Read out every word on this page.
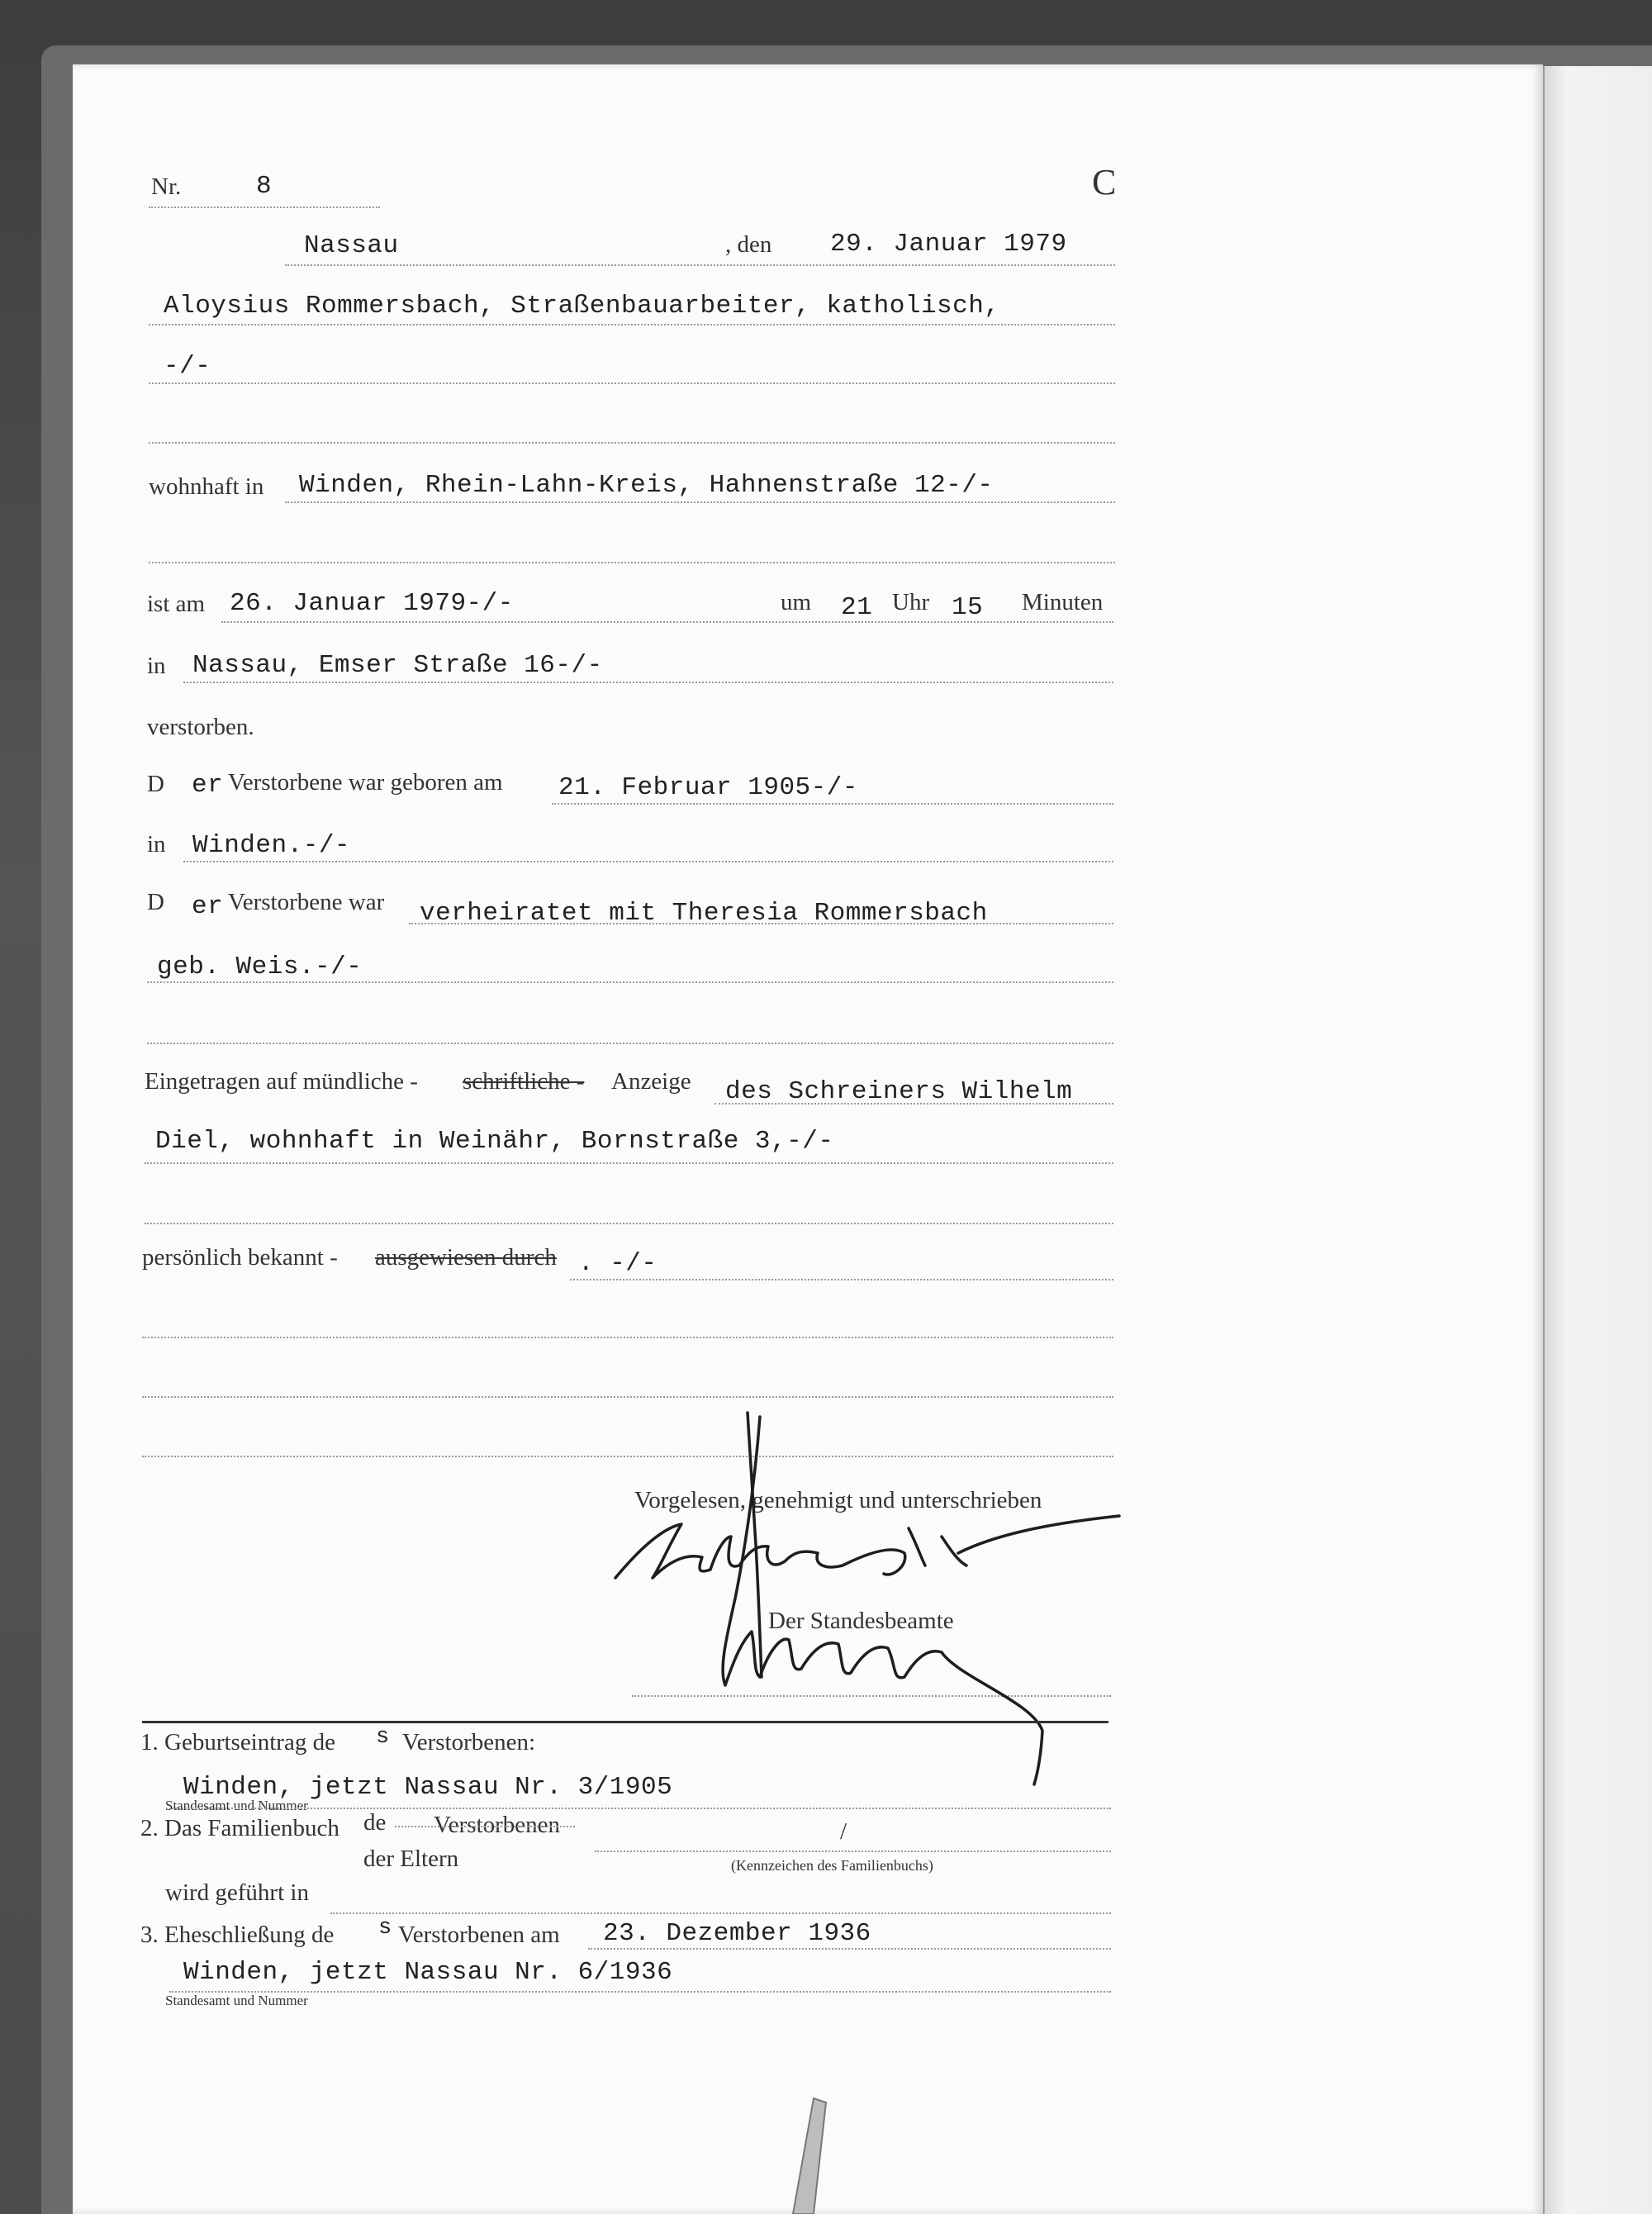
Nr.	8	C
Nassau	, den 29. Januar 1979
Aloysius Rommersbach, Straßenbauarbeiter, katholisch,
-/-
wohnhaft in Winden, Rhein-Lahn-Kreis, Hahnenstraße 12-/-
ist am 26. Januar 1979-/-	um 21 Uhr 15 Minuten
in Nassau, Emser Straße 16-/-
verstorben.
D er Verstorbene war geboren am 21. Februar 1905-/-
in Winden.-/-
D er Verstorbene war verheiratet mit Theresia Rommersbach
geb. Weis.-/-
Eingetragen auf mündliche - schriftliche - Anzeige des Schreiners Wilhelm
Diel, wohnhaft in Weinähr, Bornstraße 3,-/-
persönlich bekannt - ausgewiesen durch . -/-
Vorgelesen, genehmigt und unterschrieben
Der Standesbeamte
1. Geburtseintrag de s Verstorbenen:
Winden, jetzt Nassau Nr. 3/1905
Standesamt und Nummer
2. Das Familienbuch de Verstorbenen
der Eltern
/
(Kennzeichen des Familienbuchs)
wird geführt in
3. Eheschließung de s Verstorbenen am 23. Dezember 1936
Winden, jetzt Nassau Nr. 6/1936
Standesamt und Nummer
